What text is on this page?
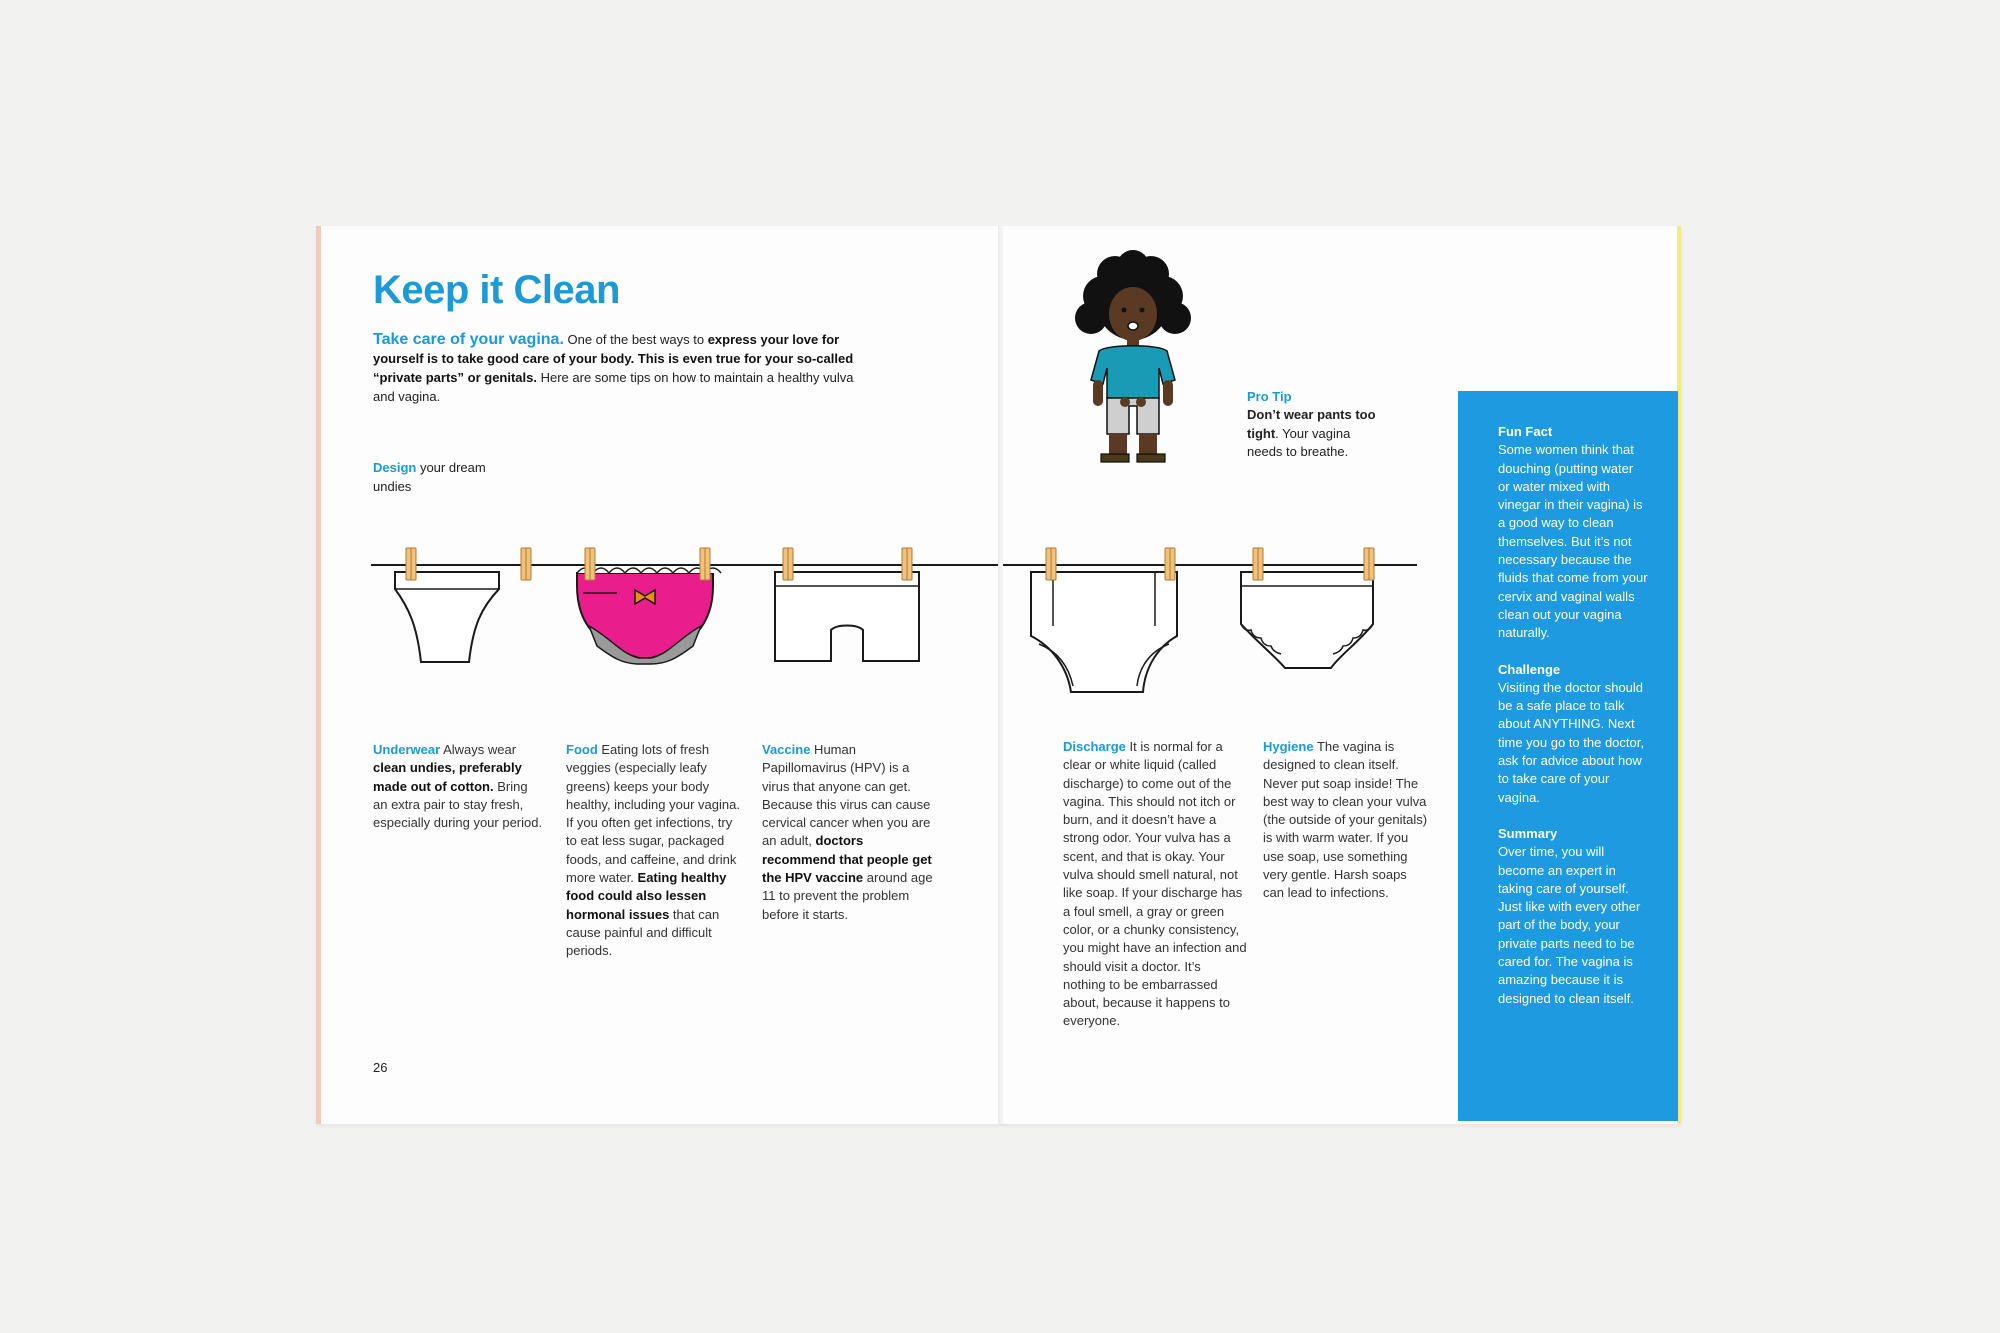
Keep it Clean
Take care of your vagina. One of the best ways to express your love for yourself is to take good care of your body. This is even true for your so-called “private parts” or genitals. Here are some tips on how to maintain a healthy vulva and vagina.
Design your dream undies
Underwear Always wear clean undies, preferably made out of cotton. Bring an extra pair to stay fresh, especially during your period.
Food Eating lots of fresh veggies (especially leafy greens) keeps your body healthy, including your vagina. If you often get infections, try to eat less sugar, packaged foods, and caffeine, and drink more water. Eating healthy food could also lessen hormonal issues that can cause painful and difficult periods.
Vaccine Human Papillomavirus (HPV) is a virus that anyone can get. Because this virus can cause cervical cancer when you are an adult, doctors recommend that people get the HPV vaccine around age 11 to prevent the problem before it starts.
26
Pro Tip
Don’t wear pants too tight. Your vagina needs to breathe.
Discharge It is normal for a clear or white liquid (called discharge) to come out of the vagina. This should not itch or burn, and it doesn’t have a strong odor. Your vulva has a scent, and that is okay. Your vulva should smell natural, not like soap. If your discharge has a foul smell, a gray or green color, or a chunky consistency, you might have an infection and should visit a doctor. It’s nothing to be embarrassed about, because it happens to everyone.
Hygiene The vagina is designed to clean itself. Never put soap inside! The best way to clean your vulva (the outside of your genitals) is with warm water. If you use soap, use something very gentle. Harsh soaps can lead to infections.

Fun Fact
Some women think that douching (putting water or water mixed with vinegar in their vagina) is a good way to clean themselves. But it’s not necessary because the fluids that come from your cervix and vaginal walls clean out your vagina naturally.

Challenge
Visiting the doctor should be a safe place to talk about ANYTHING. Next time you go to the doctor, ask for advice about how to take care of your vagina.

Summary
Over time, you will become an expert in taking care of yourself. Just like with every other part of the body, your private parts need to be cared for. The vagina is amazing because it is designed to clean itself.
